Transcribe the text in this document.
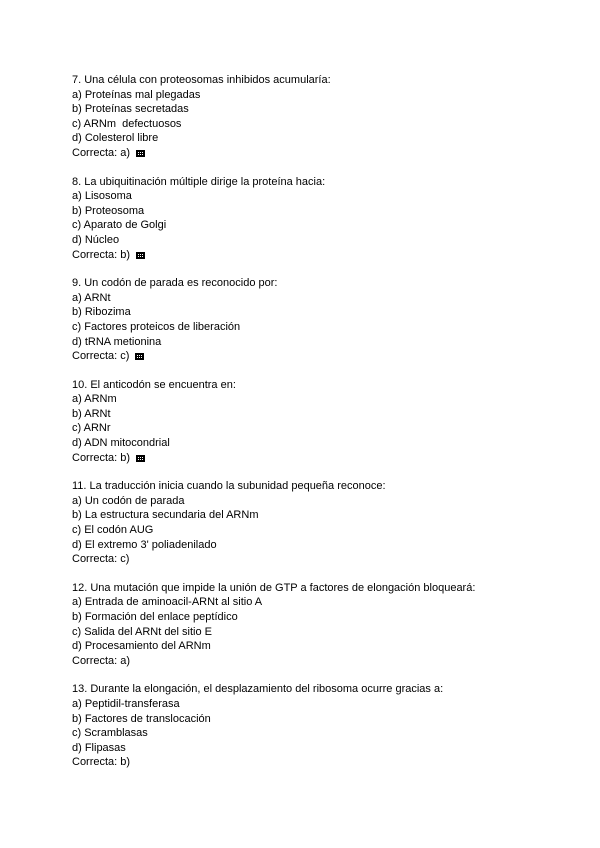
7. Una célula con proteosomas inhibidos acumularía:
a) Proteínas mal plegadas
b) Proteínas secretadas
c) ARNm  defectuosos
d) Colesterol libre
Correcta: a)
8. La ubiquitinación múltiple dirige la proteína hacia:
a) Lisosoma
b) Proteosoma
c) Aparato de Golgi
d) Núcleo
Correcta: b)
9. Un codón de parada es reconocido por:
a) ARNt
b) Ribozima
c) Factores proteicos de liberación
d) tRNA metionina
Correcta: c)
10. El anticodón se encuentra en:
a) ARNm
b) ARNt
c) ARNr
d) ADN mitocondrial
Correcta: b)
11. La traducción inicia cuando la subunidad pequeña reconoce:
a) Un codón de parada
b) La estructura secundaria del ARNm
c) El codón AUG
d) El extremo 3' poliadenilado
Correcta: c)
12. Una mutación que impide la unión de GTP a factores de elongación bloqueará:
a) Entrada de aminoacil-ARNt al sitio A
b) Formación del enlace peptídico
c) Salida del ARNt del sitio E
d) Procesamiento del ARNm
Correcta: a)
13. Durante la elongación, el desplazamiento del ribosoma ocurre gracias a:
a) Peptidil-transferasa
b) Factores de translocación
c) Scramblasas
d) Flipasas
Correcta: b)
